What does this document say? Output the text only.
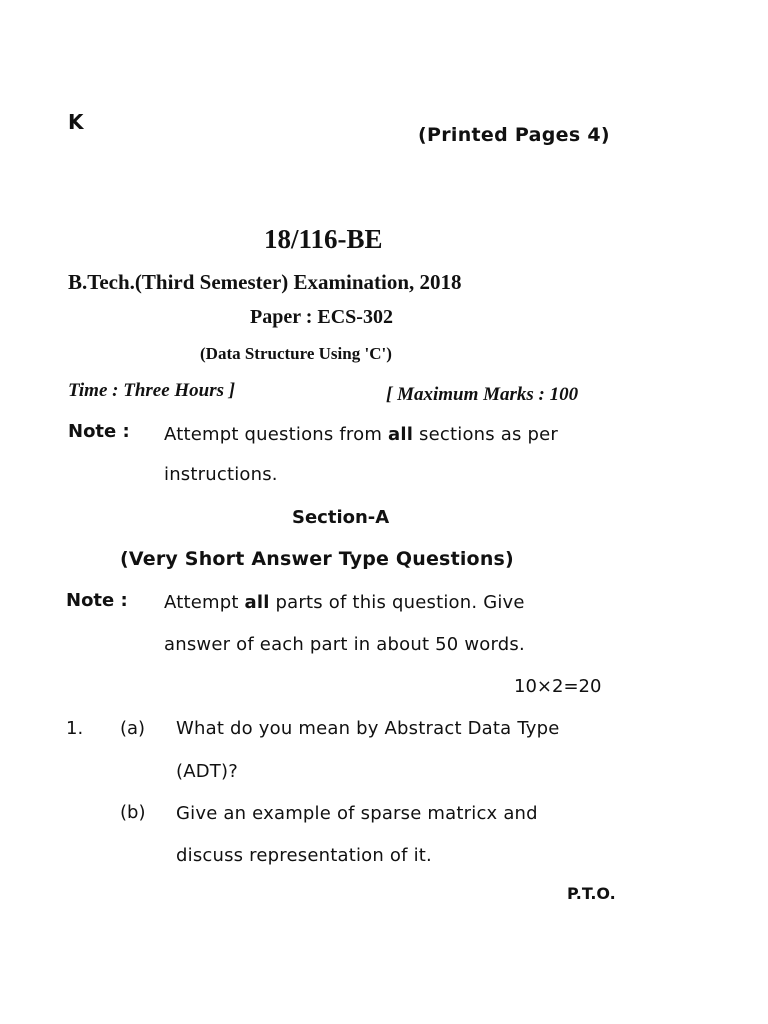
K
(Printed Pages 4)
18/116-BE
B.Tech.(Third Semester) Examination, 2018
Paper : ECS-302
(Data Structure Using 'C')
Time : Three Hours ]	[ Maximum Marks : 100
Note : Attempt questions from all sections as per
instructions.
Section-A
(Very Short Answer Type Questions)
Note : Attempt all parts of this question. Give
answer of each part in about 50 words.
10×2=20
1. (a) What do you mean by Abstract Data Type
(ADT)?
(b) Give an example of sparse matricx and
discuss representation of it.
P.T.O.
